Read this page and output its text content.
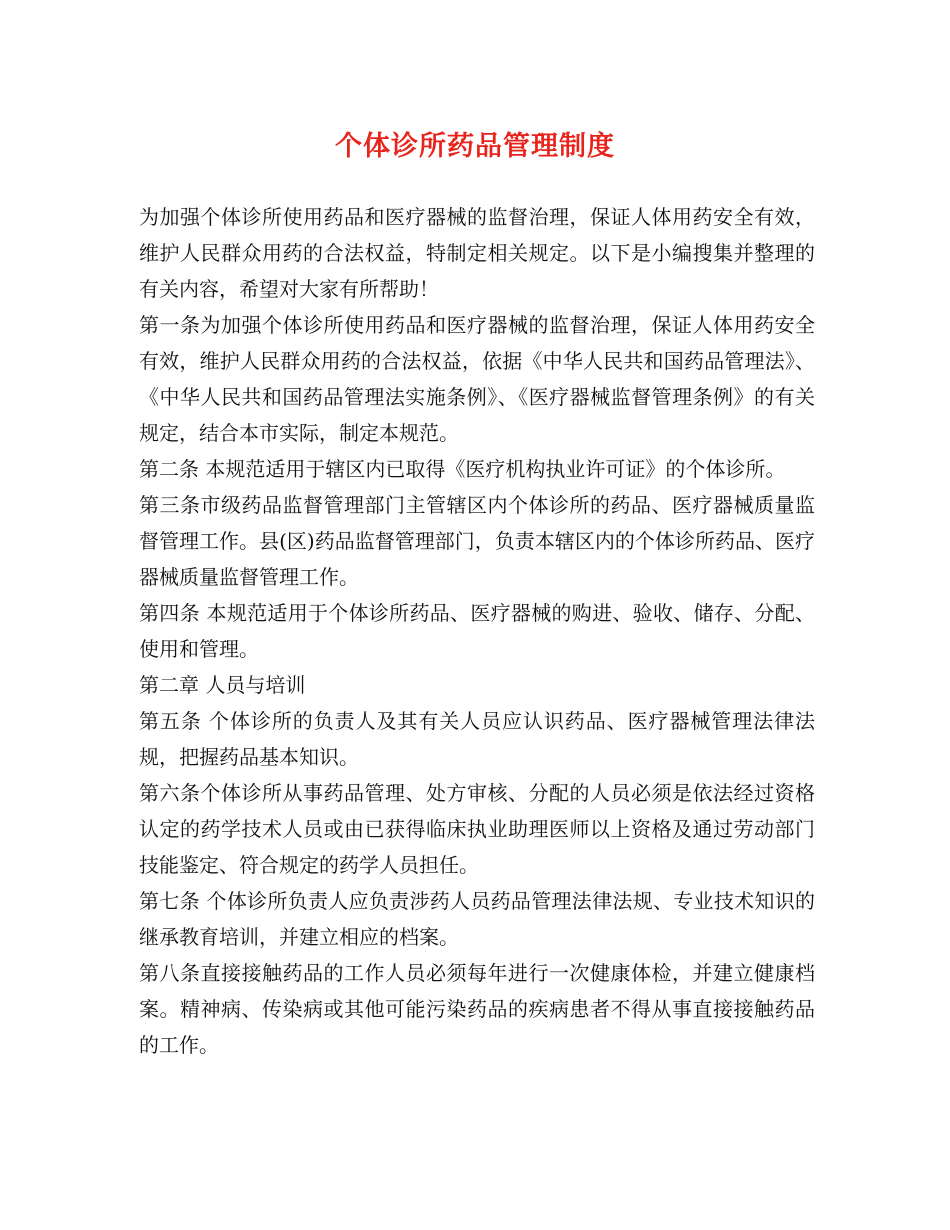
个体诊所药品管理制度

为加强个体诊所使用药品和医疗器械的监督治理，保证人体用药安全有效，维护人民群众用药的合法权益，特制定相关规定。以下是小编搜集并整理的有关内容，希望对大家有所帮助！

第一条为加强个体诊所使用药品和医疗器械的监督治理，保证人体用药安全有效，维护人民群众用药的合法权益，依据《中华人民共和国药品管理法》、《中华人民共和国药品管理法实施条例》、《医疗器械监督管理条例》的有关规定，结合本市实际，制定本规范。

第二条 本规范适用于辖区内已取得《医疗机构执业许可证》的个体诊所。

第三条市级药品监督管理部门主管辖区内个体诊所的药品、医疗器械质量监督管理工作。县(区)药品监督管理部门，负责本辖区内的个体诊所药品、医疗器械质量监督管理工作。

第四条 本规范适用于个体诊所药品、医疗器械的购进、验收、储存、分配、使用和管理。

第二章 人员与培训

第五条 个体诊所的负责人及其有关人员应认识药品、医疗器械管理法律法规，把握药品基本知识。

第六条个体诊所从事药品管理、处方审核、分配的人员必须是依法经过资格认定的药学技术人员或由已获得临床执业助理医师以上资格及通过劳动部门技能鉴定、符合规定的药学人员担任。

第七条 个体诊所负责人应负责涉药人员药品管理法律法规、专业技术知识的继承教育培训，并建立相应的档案。

第八条直接接触药品的工作人员必须每年进行一次健康体检，并建立健康档案。精神病、传染病或其他可能污染药品的疾病患者不得从事直接接触药品的工作。
